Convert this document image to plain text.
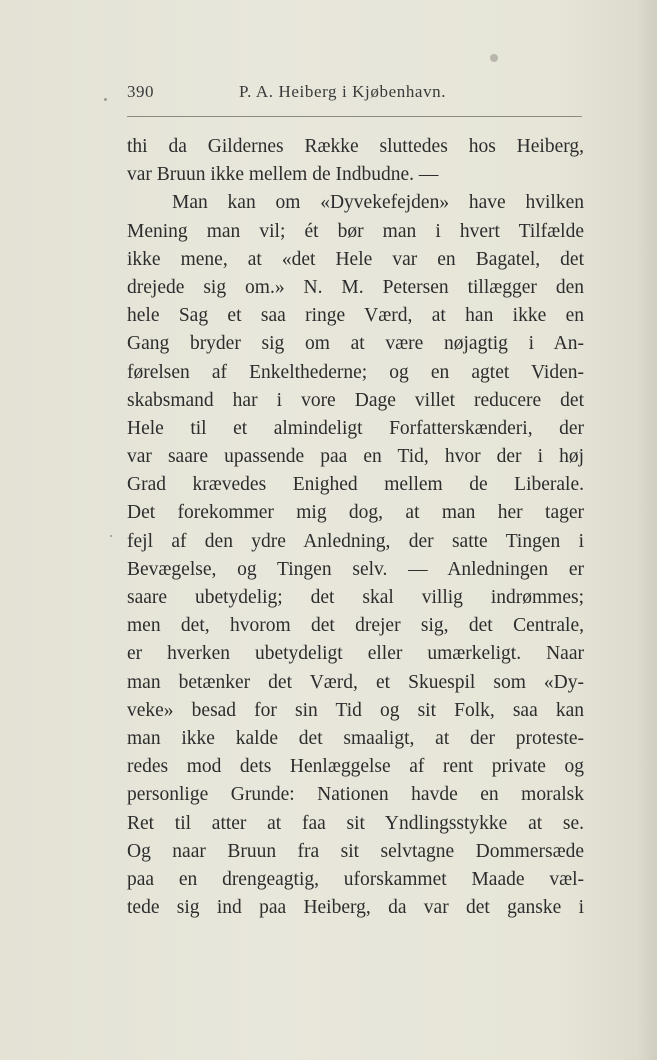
390	P. A. Heiberg i Kjøbenhavn.
thi da Gildernes Række sluttedes hos Heiberg,
var Bruun ikke mellem de Indbudne. —
Man kan om «Dyvekefejden» have hvilken
Mening man vil; ét bør man i hvert Tilfælde
ikke mene, at «det Hele var en Bagatel, det
drejede sig om.» N. M. Petersen tillægger den
hele Sag et saa ringe Værd, at han ikke en
Gang bryder sig om at være nøjagtig i An-
førelsen af Enkelthederne; og en agtet Viden-
skabsmand har i vore Dage villet reducere det
Hele til et almindeligt Forfatterskænderi, der
var saare upassende paa en Tid, hvor der i høj
Grad krævedes Enighed mellem de Liberale.
Det forekommer mig dog, at man her tager
fejl af den ydre Anledning, der satte Tingen i
Bevægelse, og Tingen selv. — Anledningen er
saare ubetydelig; det skal villig indrømmes;
men det, hvorom det drejer sig, det Centrale,
er hverken ubetydeligt eller umærkeligt. Naar
man betænker det Værd, et Skuespil som «Dy-
veke» besad for sin Tid og sit Folk, saa kan
man ikke kalde det smaaligt, at der proteste-
redes mod dets Henlæggelse af rent private og
personlige Grunde: Nationen havde en moralsk
Ret til atter at faa sit Yndlingsstykke at se.
Og naar Bruun fra sit selvtagne Dommersæde
paa en drengeagtig, uforskammet Maade væl-
tede sig ind paa Heiberg, da var det ganske i
